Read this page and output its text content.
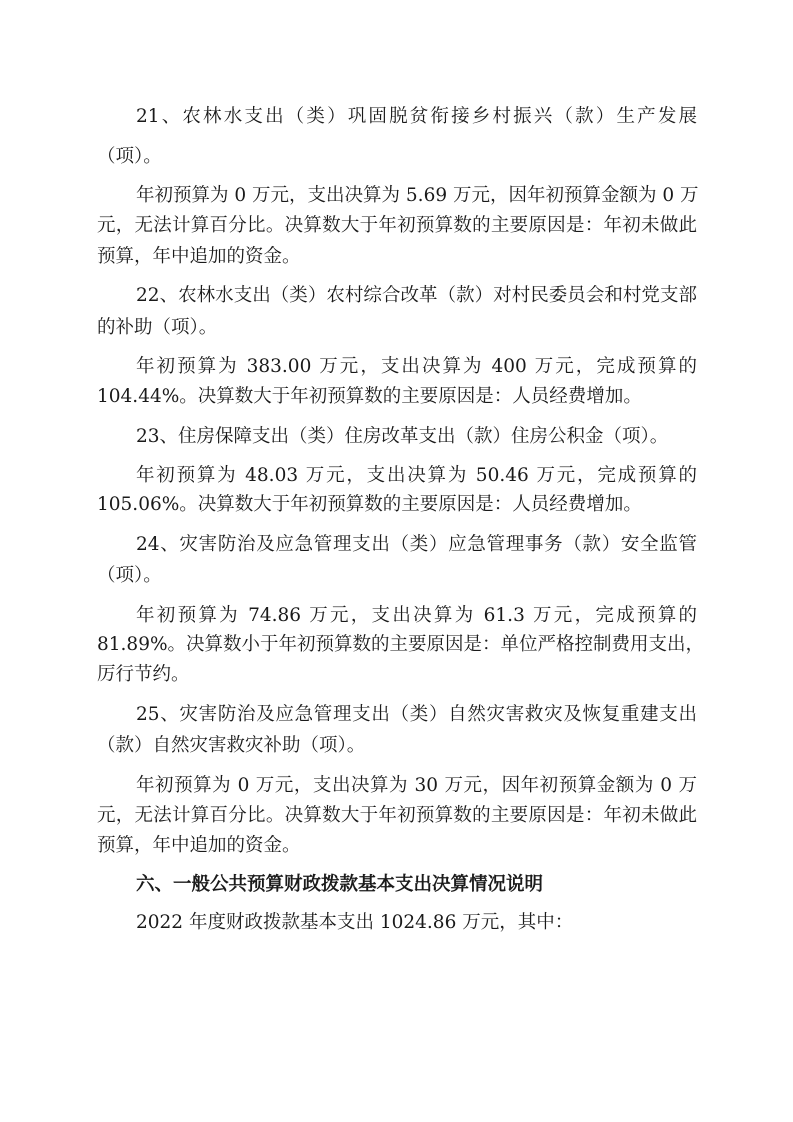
21、农林水支出（类）巩固脱贫衔接乡村振兴（款）生产发展
（项）。
年初预算为 0 万元，支出决算为 5.69 万元，因年初预算金额为 0 万
元，无法计算百分比。决算数大于年初预算数的主要原因是：年初未做此
预算，年中追加的资金。
22、农林水支出（类）农村综合改革（款）对村民委员会和村党支部
的补助（项）。
年初预算为 383.00 万元，支出决算为 400 万元，完成预算的
104.44%。决算数大于年初预算数的主要原因是：人员经费增加。
23、住房保障支出（类）住房改革支出（款）住房公积金（项）。
年初预算为 48.03 万元，支出决算为 50.46 万元，完成预算的
105.06%。决算数大于年初预算数的主要原因是：人员经费增加。
24、灾害防治及应急管理支出（类）应急管理事务（款）安全监管
（项）。
年初预算为 74.86 万元，支出决算为 61.3 万元，完成预算的
81.89%。决算数小于年初预算数的主要原因是：单位严格控制费用支出，
厉行节约。
25、灾害防治及应急管理支出（类）自然灾害救灾及恢复重建支出
（款）自然灾害救灾补助（项）。
年初预算为 0 万元，支出决算为 30 万元，因年初预算金额为 0 万
元，无法计算百分比。决算数大于年初预算数的主要原因是：年初未做此
预算，年中追加的资金。
六、一般公共预算财政拨款基本支出决算情况说明
2022 年度财政拨款基本支出 1024.86 万元，其中：
